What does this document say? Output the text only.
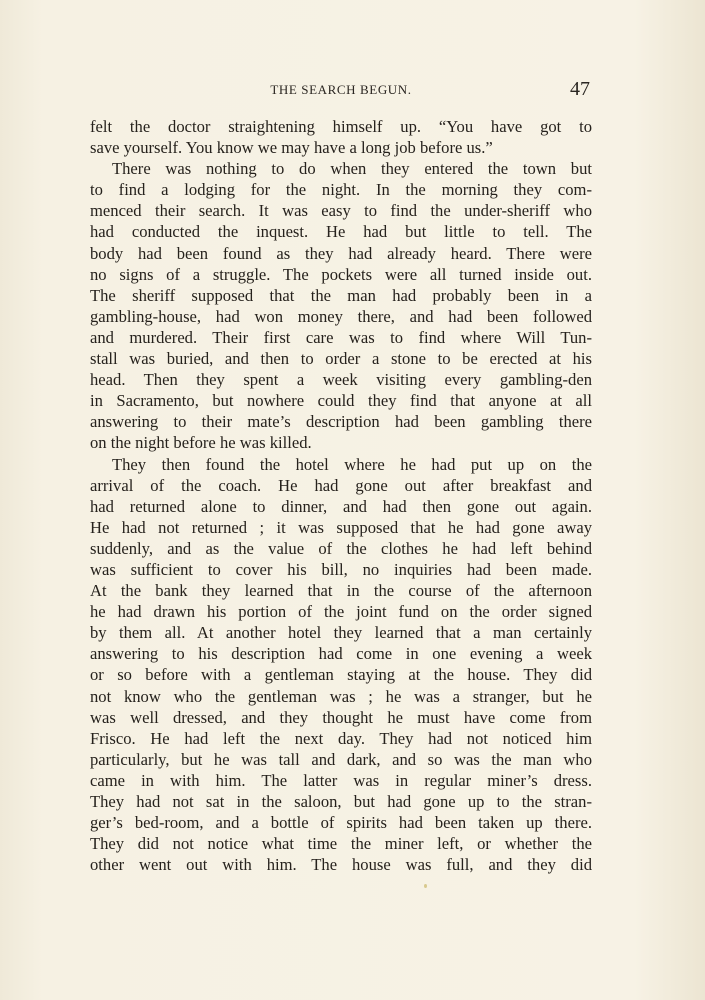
THE SEARCH BEGUN.	47
felt the doctor straightening himself up. “You have got to
save yourself. You know we may have a long job before us.”
There was nothing to do when they entered the town but
to find a lodging for the night. In the morning they com-
menced their search. It was easy to find the under-sheriff who
had conducted the inquest. He had but little to tell. The
body had been found as they had already heard. There were
no signs of a struggle. The pockets were all turned inside out.
The sheriff supposed that the man had probably been in a
gambling-house, had won money there, and had been followed
and murdered. Their first care was to find where Will Tun-
stall was buried, and then to order a stone to be erected at his
head. Then they spent a week visiting every gambling-den
in Sacramento, but nowhere could they find that anyone at all
answering to their mate’s description had been gambling there
on the night before he was killed.
They then found the hotel where he had put up on the
arrival of the coach. He had gone out after breakfast and
had returned alone to dinner, and had then gone out again.
He had not returned ; it was supposed that he had gone away
suddenly, and as the value of the clothes he had left behind
was sufficient to cover his bill, no inquiries had been made.
At the bank they learned that in the course of the afternoon
he had drawn his portion of the joint fund on the order signed
by them all. At another hotel they learned that a man certainly
answering to his description had come in one evening a week
or so before with a gentleman staying at the house. They did
not know who the gentleman was ; he was a stranger, but he
was well dressed, and they thought he must have come from
Frisco. He had left the next day. They had not noticed him
particularly, but he was tall and dark, and so was the man who
came in with him. The latter was in regular miner’s dress.
They had not sat in the saloon, but had gone up to the stran-
ger’s bed-room, and a bottle of spirits had been taken up there.
They did not notice what time the miner left, or whether the
other went out with him. The house was full, and they did
